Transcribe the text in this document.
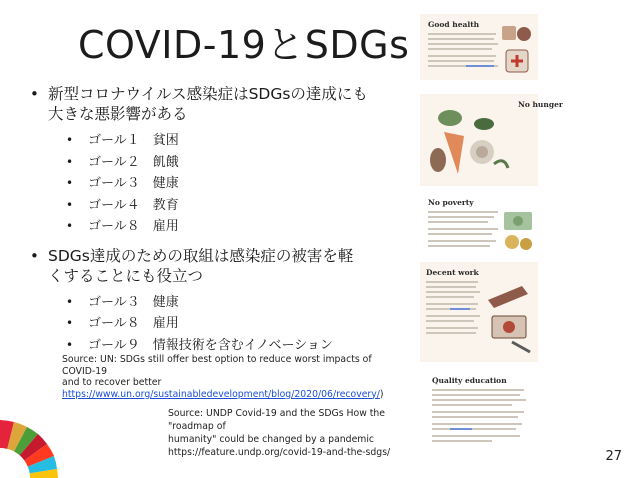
COVID-19とSDGs
• 新型コロナウイルス感染症はSDGsの達成にも
大きな悪影響がある
• ゴール１　貧困
• ゴール２　飢餓
• ゴール３　健康
• ゴール４　教育
• ゴール８　雇用
• SDGs達成のための取組は感染症の被害を軽
くすることにも役立つ
• ゴール３　健康
• ゴール８　雇用
• ゴール９　情報技術を含むイノベーション
Source: UN: SDGs still offer best option to reduce worst impacts of COVID-19
and to recover better
https://www.un.org/sustainabledevelopment/blog/2020/06/recovery/)
Source: UNDP Covid-19 and the SDGs How the "roadmap of
humanity" could be changed by a pandemic
https://feature.undp.org/covid-19-and-the-sdgs/	27
Good health
No hunger
No poverty
Decent work
Quality education
